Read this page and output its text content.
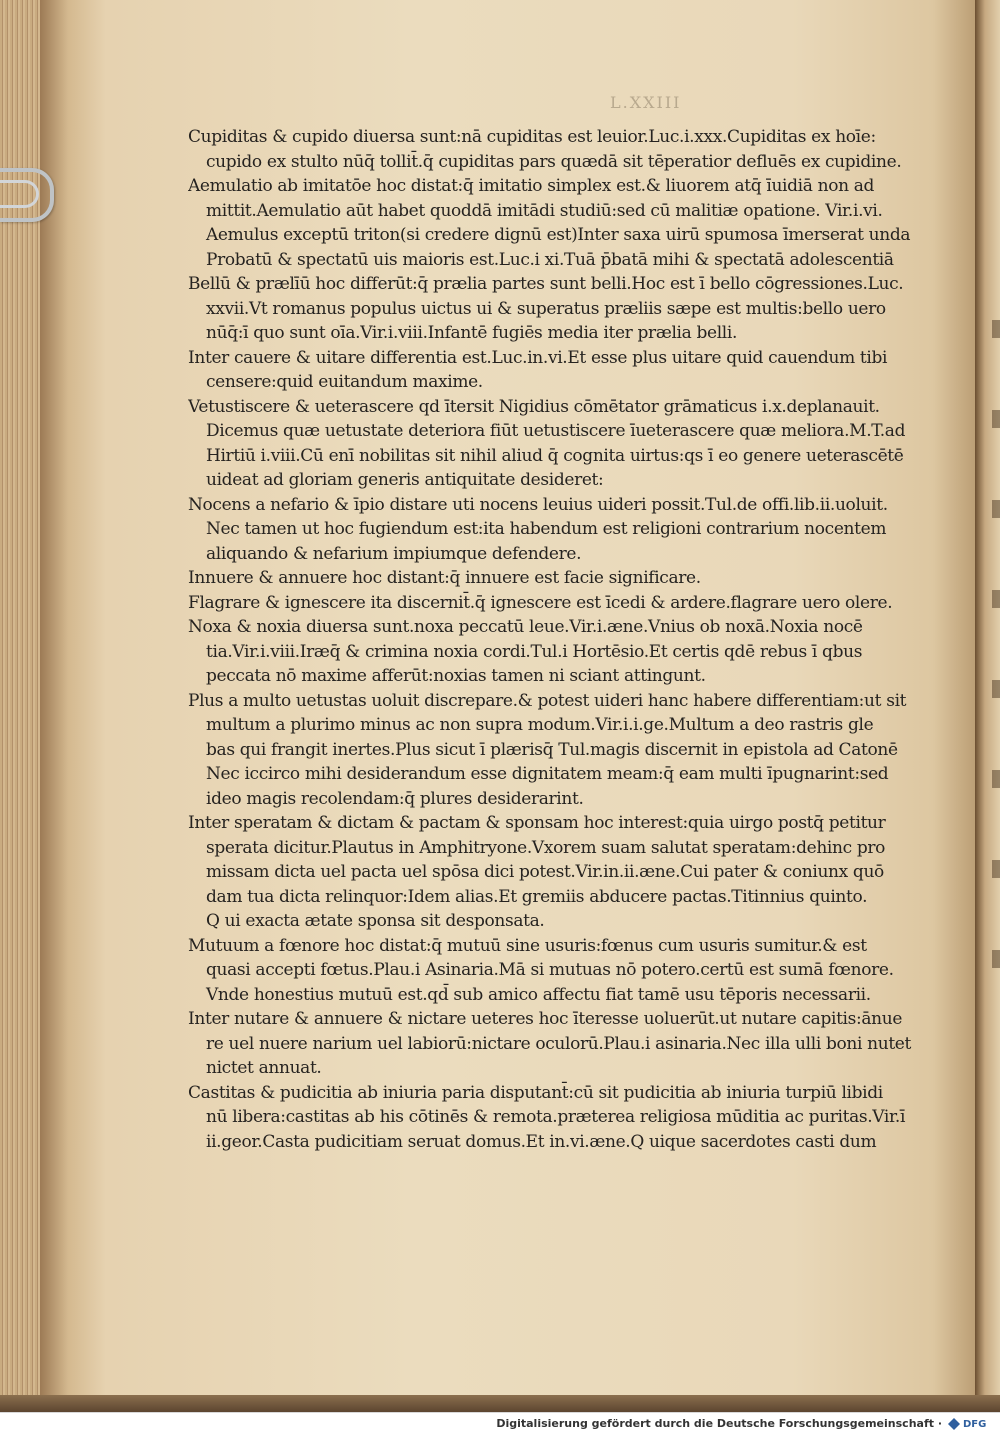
L.XXIII
Cupiditas & cupido diuersa sunt:nā cupiditas est leuior.Luc.i.xxx.Cupiditas ex hoīe:
cupido ex stulto nūq̄ tollit̄.q̄ cupiditas pars quædā sit tēperatior defluēs ex cupidine.
Aemulatio ab imitatōe hoc distat:q̄ imitatio simplex est.& liuorem atq̄ īuidiā non ad
mittit.Aemulatio aūt habet quoddā imitādi studiū:sed cū malitiæ opatione. Vir.i.vi.
Aemulus exceptū triton(si credere dignū est)Inter saxa uirū spumosa īmerserat unda
Probatū & spectatū uis maioris est.Luc.i xi.Tuā p̄batā mihi & spectatā adolescentiā
Bellū & prælīū hoc differūt:q̄ prælia partes sunt belli.Hoc est ī bello cōgressiones.Luc.
xxvii.Vt romanus populus uictus ui & superatus præliis sæpe est multis:bello uero
nūq̄:ī quo sunt oīa.Vir.i.viii.Infantē fugiēs media iter prælia belli.
Inter cauere & uitare differentia est.Luc.in.vi.Et esse plus uitare quid cauendum tibi
censere:quid euitandum maxime.
Vetustiscere & ueterascere qd ītersit Nigidius cōmētator grāmaticus i.x.deplanauit.
Dicemus quæ uetustate deteriora fiūt uetustiscere īueterascere quæ meliora.M.T.ad
Hirtiū i.viii.Cū enī nobilitas sit nihil aliud q̄ cognita uirtus:qs ī eo genere ueterascētē
uideat ad gloriam generis antiquitate desideret:
Nocens a nefario & īpio distare uti nocens leuius uideri possit.Tul.de offi.lib.ii.uoluit.
Nec tamen ut hoc fugiendum est:ita habendum est religioni contrarium nocentem
aliquando & nefarium impiumque defendere.
Innuere & annuere hoc distant:q̄ innuere est facie significare.
Flagrare & ignescere ita discernit̄.q̄ ignescere est īcedi & ardere.flagrare uero olere.
Noxa & noxia diuersa sunt.noxa peccatū leue.Vir.i.æne.Vnius ob noxā.Noxia nocē
tia.Vir.i.viii.Iræq̄ & crimina noxia cordi.Tul.i Hortēsio.Et certis qdē rebus ī qbus
peccata nō maxime afferūt:noxias tamen ni sciant attingunt.
Plus a multo uetustas uoluit discrepare.& potest uideri hanc habere differentiam:ut sit
multum a plurimo minus ac non supra modum.Vir.i.i.ge.Multum a deo rastris gle
bas qui frangit inertes.Plus sicut ī plærisq̄ Tul.magis discernit in epistola ad Catonē
Nec iccirco mihi desiderandum esse dignitatem meam:q̄ eam multi īpugnarint:sed
ideo magis recolendam:q̄ plures desiderarint.
Inter speratam & dictam & pactam & sponsam hoc interest:quia uirgo postq̄ petitur
sperata dicitur.Plautus in Amphitryone.Vxorem suam salutat speratam:dehinc pro
missam dicta uel pacta uel spōsa dici potest.Vir.in.ii.æne.Cui pater & coniunx quō
dam tua dicta relinquor:Idem alias.Et gremiis abducere pactas.Titinnius quinto.
Q ui exacta ætate sponsa sit desponsata.
Mutuum a fœnore hoc distat:q̄ mutuū sine usuris:fœnus cum usuris sumitur.& est
quasi accepti fœtus.Plau.i Asinaria.Mā si mutuas nō potero.certū est sumā fœnore.
Vnde honestius mutuū est.qd̄ sub amico affectu fiat tamē usu tēporis necessarii.
Inter nutare & annuere & nictare ueteres hoc īteresse uoluerūt.ut nutare capitis:ānue
re uel nuere narium uel labiorū:nictare oculorū.Plau.i asinaria.Nec illa ulli boni nutet
nictet annuat.
Castitas & pudicitia ab iniuria paria disputant̄:cū sit pudicitia ab iniuria turpiū libidi
nū libera:castitas ab his cōtinēs & remota.præterea religiosa mūditia ac puritas.Vir.ī
ii.geor.Casta pudicitiam seruat domus.Et in.vi.æne.Q uique sacerdotes casti dum
Digitalisierung gefördert durch die Deutsche Forschungsgemeinschaft · DFG
